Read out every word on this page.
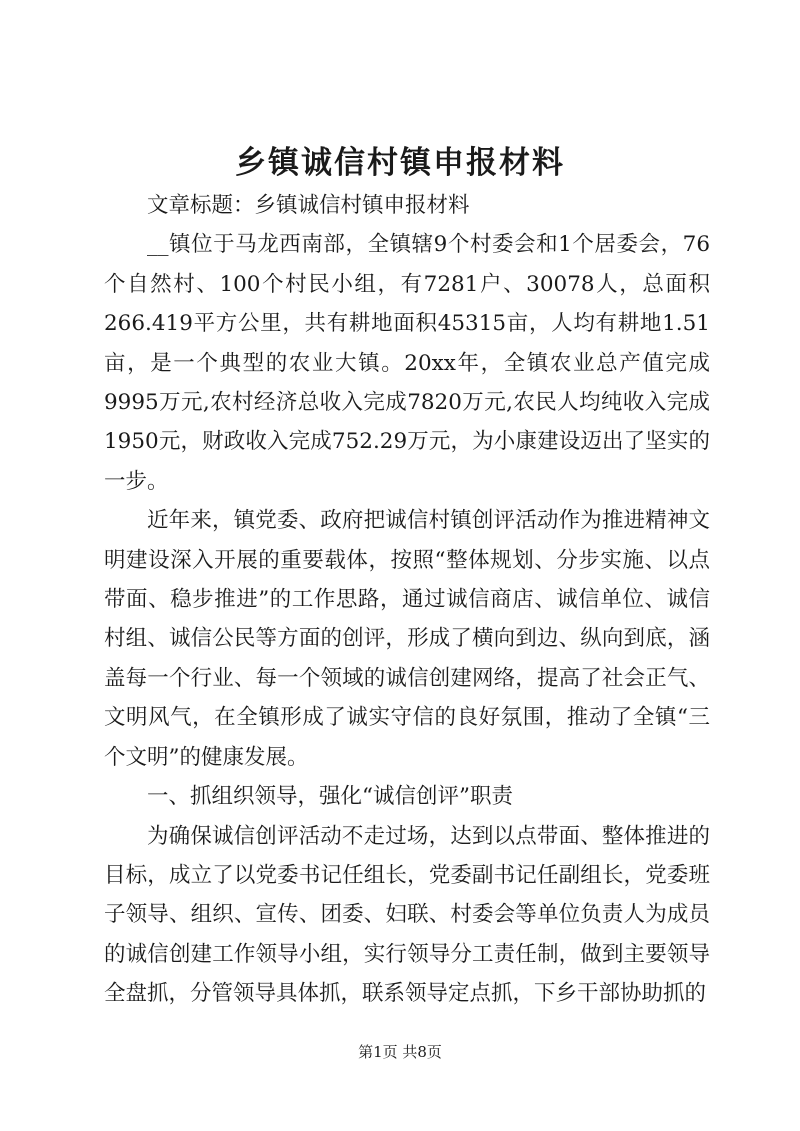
乡镇诚信村镇申报材料

文章标题：乡镇诚信村镇申报材料

__镇位于马龙西南部，全镇辖9个村委会和1个居委会，76个自然村、100个村民小组，有7281户、30078人，总面积266.419平方公里，共有耕地面积45315亩，人均有耕地1.51亩，是一个典型的农业大镇。20xx年，全镇农业总产值完成9995万元,农村经济总收入完成7820万元,农民人均纯收入完成1950元，财政收入完成752.29万元，为小康建设迈出了坚实的一步。

近年来，镇党委、政府把诚信村镇创评活动作为推进精神文明建设深入开展的重要载体，按照“整体规划、分步实施、以点带面、稳步推进”的工作思路，通过诚信商店、诚信单位、诚信村组、诚信公民等方面的创评，形成了横向到边、纵向到底，涵盖每一个行业、每一个领域的诚信创建网络，提高了社会正气、文明风气，在全镇形成了诚实守信的良好氛围，推动了全镇“三个文明”的健康发展。

一、抓组织领导，强化“诚信创评”职责

为确保诚信创评活动不走过场，达到以点带面、整体推进的目标，成立了以党委书记任组长，党委副书记任副组长，党委班子领导、组织、宣传、团委、妇联、村委会等单位负责人为成员的诚信创建工作领导小组，实行领导分工责任制，做到主要领导全盘抓，分管领导具体抓，联系领导定点抓，下乡干部协助抓的

第1页 共8页
